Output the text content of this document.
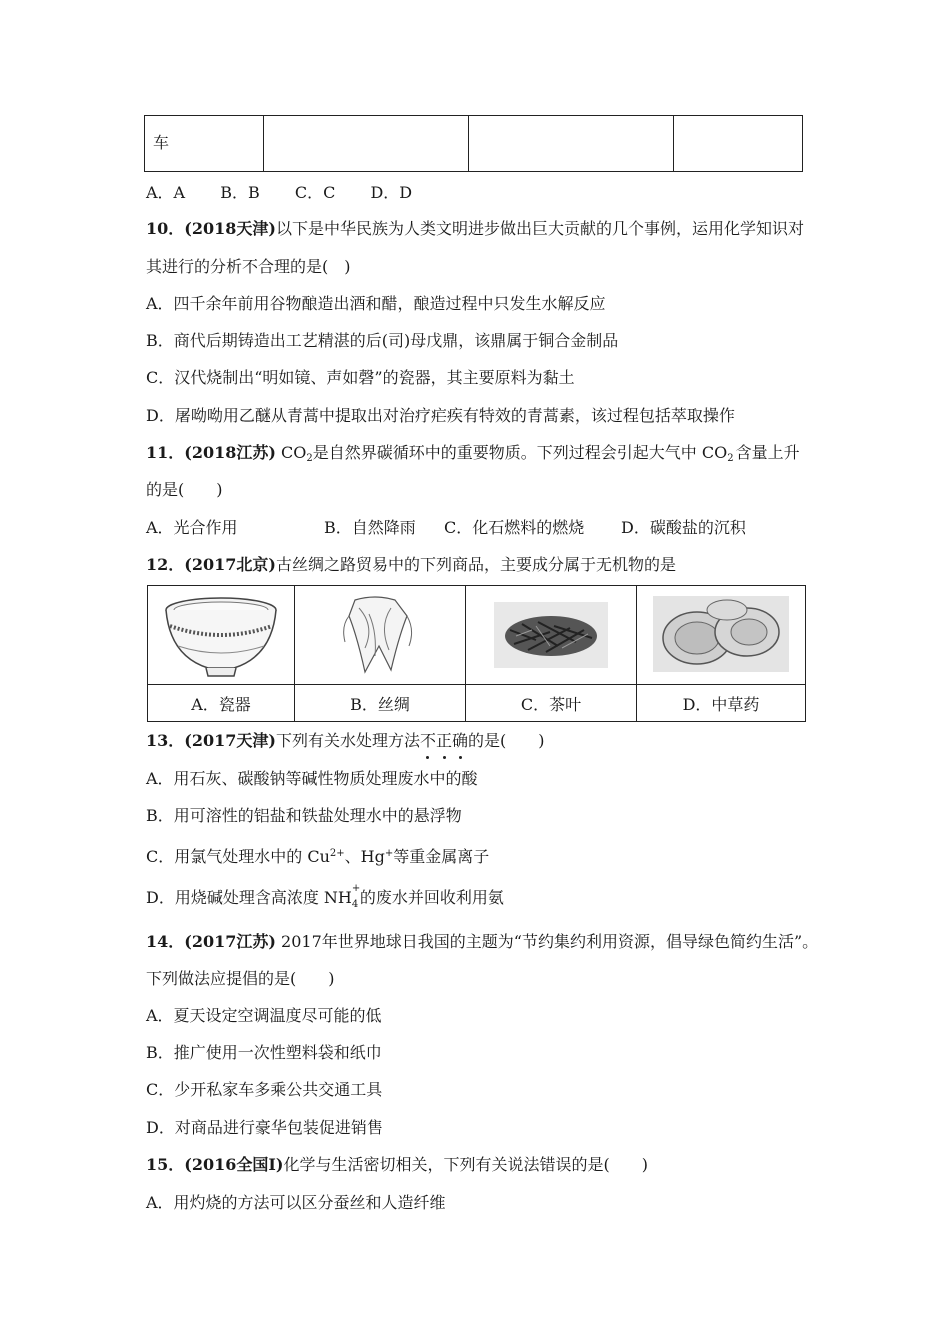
车			
A．A B．B C．C D．D
10．(2018天津)以下是中华民族为人类文明进步做出巨大贡献的几个事例，运用化学知识对
其进行的分析不合理的是(　)
A．四千余年前用谷物酿造出酒和醋，酿造过程中只发生水解反应
B．商代后期铸造出工艺精湛的后(司)母戊鼎，该鼎属于铜合金制品
C．汉代烧制出“明如镜、声如磬”的瓷器，其主要原料为黏土
D．屠呦呦用乙醚从青蒿中提取出对治疗疟疾有特效的青蒿素，该过程包括萃取操作
11．(2018江苏) $CO_2$是自然界碳循环中的重要物质。下列过程会引起大气中 $CO_2$ 含量上升
的是(　　)
A．光合作用	B．自然降雨 C．化石燃料的燃烧 D．碳酸盐的沉积
12．(2017北京)古丝绸之路贸易中的下列商品，主要成分属于无机物的是

A．瓷器	B．丝绸	C．茶叶	D．中草药
13．(2017天津)下列有关水处理方法不正确的是(　　)
A．用石灰、碳酸钠等碱性物质处理废水中的酸
B．用可溶性的铝盐和铁盐处理水中的悬浮物
C．用氯气处理水中的 $Cu^{2+}$、Hg+等重金属离子
D．用烧碱处理含高浓度 NH +
4 的废水并回收利用氨
14．(2017江苏) 2017年世界地球日我国的主题为“节约集约利用资源，倡导绿色简约生活”。
下列做法应提倡的是(　　)
A．夏天设定空调温度尽可能的低
B．推广使用一次性塑料袋和纸巾
C．少开私家车多乘公共交通工具
D．对商品进行豪华包装促进销售
15．(2016全国I)化学与生活密切相关，下列有关说法错误的是(　　)
A．用灼烧的方法可以区分蚕丝和人造纤维
